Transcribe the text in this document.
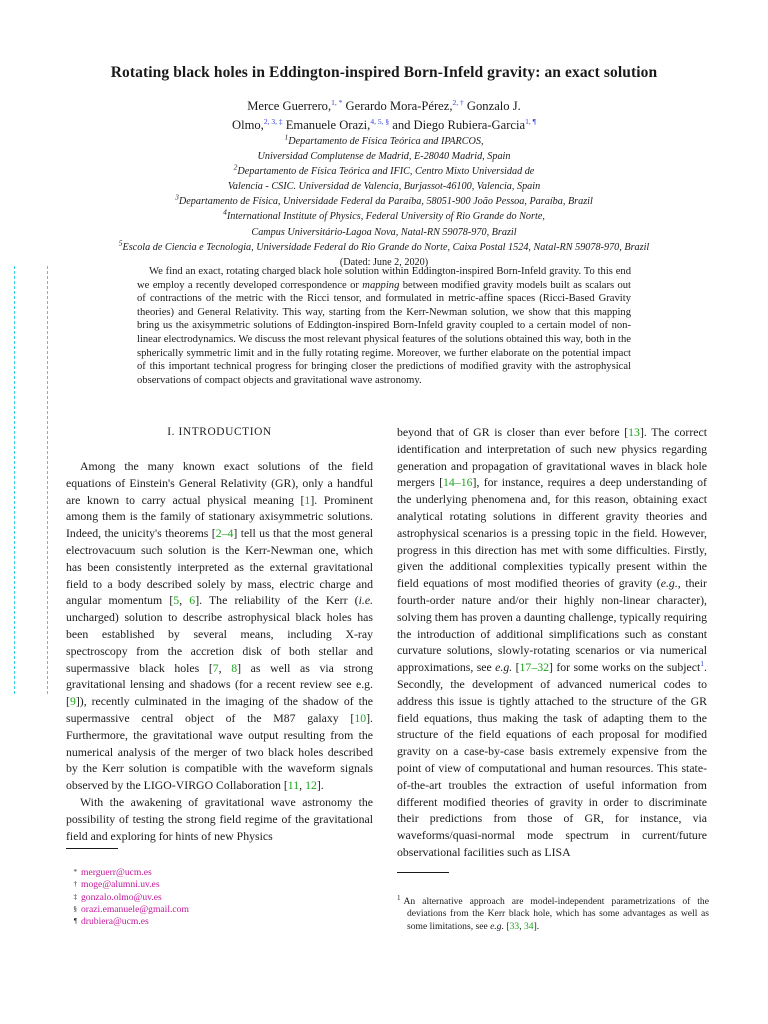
Rotating black holes in Eddington-inspired Born-Infeld gravity: an exact solution
Merce Guerrero,$^{1, *}$ Gerardo Mora-Pérez,$^{2, \dagger}$ Gonzalo J.
Olmo,$^{2, 3, \ddagger}$ Emanuele Orazi,$^{4, 5, \S}$ and Diego Rubiera-Garcia$^{1, \P}$
$^1$Departamento de Física Teórica and IPARCOS,
Universidad Complutense de Madrid, E-28040 Madrid, Spain
$^2$Departamento de Física Teórica and IFIC, Centro Mixto Universidad de
Valencia - CSIC. Universidad de Valencia, Burjassot-46100, Valencia, Spain
$^3$Departamento de Física, Universidade Federal da Paraíba, 58051-900 João Pessoa, Paraíba, Brazil
$^4$International Institute of Physics, Federal University of Rio Grande do Norte,
Campus Universitário-Lagoa Nova, Natal-RN 59078-970, Brazil
$^5$Escola de Ciencia e Tecnologia, Universidade Federal do Rio Grande do Norte, Caixa Postal 1524, Natal-RN 59078-970, Brazil
(Dated: June 2, 2020)
We find an exact, rotating charged black hole solution within Eddington-inspired Born-Infeld gravity. To this end we employ a recently developed correspondence or mapping between modified gravity models built as scalars out of contractions of the metric with the Ricci tensor, and formulated in metric-affine spaces (Ricci-Based Gravity theories) and General Relativity. This way, starting from the Kerr-Newman solution, we show that this mapping bring us the axisymmetric solutions of Eddington-inspired Born-Infeld gravity coupled to a certain model of non-linear electrodynamics. We discuss the most relevant physical features of the solutions obtained this way, both in the spherically symmetric limit and in the fully rotating regime. Moreover, we further elaborate on the potential impact of this important technical progress for bringing closer the predictions of modified gravity with the astrophysical observations of compact objects and gravitational wave astronomy.
I. INTRODUCTION

Among the many known exact solutions of the field equations of Einstein's General Relativity (GR), only a handful are known to carry actual physical meaning [1]. Prominent among them is the family of stationary axisymmetric solutions. Indeed, the unicity's theorems [2–4] tell us that the most general electrovacuum such solution is the Kerr-Newman one, which has been consistently interpreted as the external gravitational field to a body described solely by mass, electric charge and angular momentum [5, 6]. The reliability of the Kerr (i.e. uncharged) solution to describe astrophysical black holes has been established by several means, including X-ray spectroscopy from the accretion disk of both stellar and supermassive black holes [7, 8] as well as via strong gravitational lensing and shadows (for a recent review see e.g. [9]), recently culminated in the imaging of the shadow of the supermassive central object of the M87 galaxy [10]. Furthermore, the gravitational wave output resulting from the numerical analysis of the merger of two black holes described by the Kerr solution is compatible with the waveform signals observed by the LIGO-VIRGO Collaboration [11, 12].

With the awakening of gravitational wave astronomy the possibility of testing the strong field regime of the gravitational field and exploring for hints of new Physics

beyond that of GR is closer than ever before [13]. The correct identification and interpretation of such new physics regarding generation and propagation of gravitational waves in black hole mergers [14–16], for instance, requires a deep understanding of the underlying phenomena and, for this reason, obtaining exact analytical rotating solutions in different gravity theories and astrophysical scenarios is a pressing topic in the field. However, progress in this direction has met with some difficulties. Firstly, given the additional complexities typically present within the field equations of most modified theories of gravity (e.g., their fourth-order nature and/or their highly non-linear character), solving them has proven a daunting challenge, typically requiring the introduction of additional simplifications such as constant curvature solutions, slowly-rotating scenarios or via numerical approximations, see e.g. [17–32] for some works on the subject$^1$. Secondly, the development of advanced numerical codes to address this issue is tightly attached to the structure of the GR field equations, thus making the task of adapting them to the structure of the field equations of each proposal for modified gravity on a case-by-case basis extremely expensive from the point of view of computational and human resources. This state-of-the-art troubles the extraction of useful information from different modified theories of gravity in order to discriminate their predictions from those of GR, for instance, via waveforms/quasi-normal mode spectrum in current/future observational facilities such as LISA

* merguerr@ucm.es
† moge@alumni.uv.es
‡ gonzalo.olmo@uv.es
§ orazi.emanuele@gmail.com
¶ drubiera@ucm.es
$^1$ An alternative approach are model-independent parametrizations of the deviations from the Kerr black hole, which has some advantages as well as some limitations, see e.g. [33, 34].
